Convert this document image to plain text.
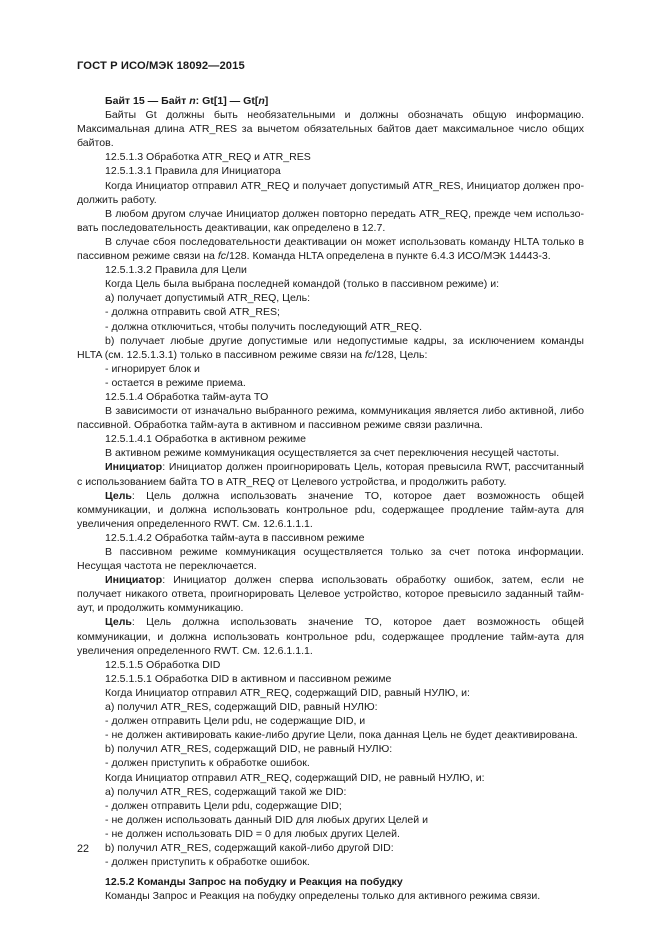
ГОСТ Р ИСО/МЭК 18092—2015

Байт 15 — Байт n: Gt[1] — Gt[n]

Байты Gt должны быть необязательными и должны обозначать общую информацию. Максимальная длина ATR_RES за вычетом обязательных байтов дает максимальное число общих байтов.

12.5.1.3 Обработка ATR_REQ и ATR_RES

12.5.1.3.1 Правила для Инициатора

Когда Инициатор отправил ATR_REQ и получает допустимый ATR_RES, Инициатор должен продолжить работу.

В любом другом случае Инициатор должен повторно передать ATR_REQ, прежде чем использовать последовательность деактивации, как определено в 12.7.

В случае сбоя последовательности деактивации он может использовать команду HLTA только в пассивном режиме связи на fc/128. Команда HLTA определена в пункте 6.4.3 ИСО/МЭК 14443-3.

12.5.1.3.2 Правила для Цели

Когда Цель была выбрана последней командой (только в пассивном режиме) и:

a) получает допустимый ATR_REQ, Цель:

- должна отправить свой ATR_RES;

- должна отключиться, чтобы получить последующий ATR_REQ.

b) получает любые другие допустимые или недопустимые кадры, за исключением команды HLTA (см. 12.5.1.3.1) только в пассивном режиме связи на fc/128, Цель:

- игнорирует блок и

- остается в режиме приема.

12.5.1.4 Обработка тайм-аута TO

В зависимости от изначально выбранного режима, коммуникация является либо активной, либо пассивной. Обработка тайм-аута в активном и пассивном режиме связи различна.

12.5.1.4.1 Обработка в активном режиме

В активном режиме коммуникация осуществляется за счет переключения несущей частоты.

Инициатор: Инициатор должен проигнорировать Цель, которая превысила RWT, рассчитанный с использованием байта TO в ATR_REQ от Целевого устройства, и продолжить работу.

Цель: Цель должна использовать значение TO, которое дает возможность общей коммуникации, и должна использовать контрольное pdu, содержащее продление тайм-аута для увеличения определенного RWT. См. 12.6.1.1.1.

12.5.1.4.2 Обработка тайм-аута в пассивном режиме

В пассивном режиме коммуникация осуществляется только за счет потока информации. Несущая частота не переключается.

Инициатор: Инициатор должен сперва использовать обработку ошибок, затем, если не получает никакого ответа, проигнорировать Целевое устройство, которое превысило заданный тайм-аут, и продолжить коммуникацию.

Цель: Цель должна использовать значение TO, которое дает возможность общей коммуникации, и должна использовать контрольное pdu, содержащее продление тайм-аута для увеличения определенного RWT. См. 12.6.1.1.1.

12.5.1.5 Обработка DID

12.5.1.5.1 Обработка DID в активном и пассивном режиме

Когда Инициатор отправил ATR_REQ, содержащий DID, равный НУЛЮ, и:

a) получил ATR_RES, содержащий DID, равный НУЛЮ:

- должен отправить Цели pdu, не содержащие DID, и

- не должен активировать какие-либо другие Цели, пока данная Цель не будет деактивирована.

b) получил ATR_RES, содержащий DID, не равный НУЛЮ:

- должен приступить к обработке ошибок.

Когда Инициатор отправил ATR_REQ, содержащий DID, не равный НУЛЮ, и:

a) получил ATR_RES, содержащий такой же DID:

- должен отправить Цели pdu, содержащие DID;

- не должен использовать данный DID для любых других Целей и

- не должен использовать DID = 0 для любых других Целей.

b) получил ATR_RES, содержащий какой-либо другой DID:

- должен приступить к обработке ошибок.

12.5.2 Команды Запрос на побудку и Реакция на побудку

Команды Запрос и Реакция на побудку определены только для активного режима связи.

22
